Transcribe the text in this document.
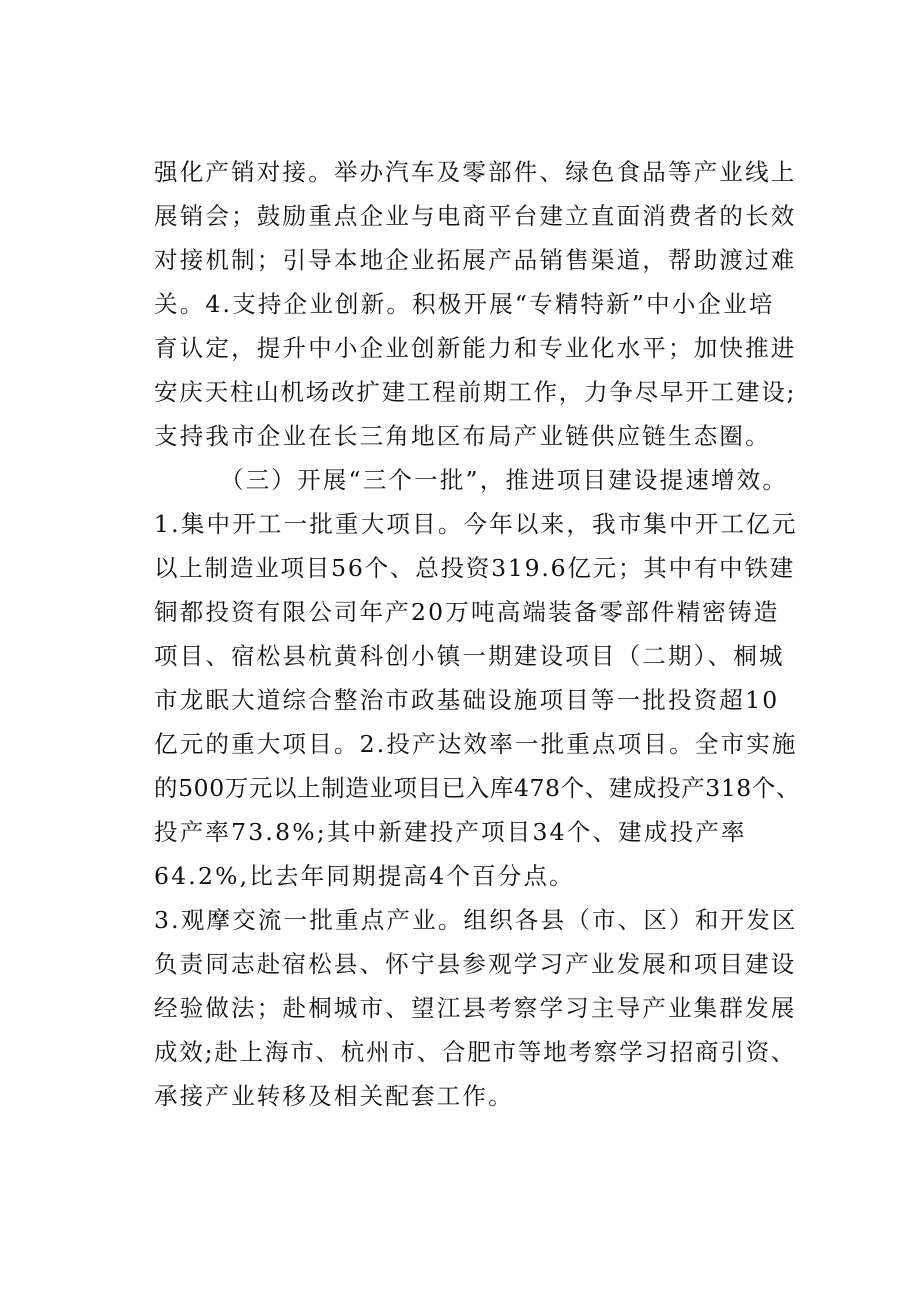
强化产销对接。举办汽车及零部件、绿色食品等产业线上
展销会；鼓励重点企业与电商平台建立直面消费者的长效
对接机制；引导本地企业拓展产品销售渠道，帮助渡过难
关。4.支持企业创新。积极开展“专精特新”中小企业培
育认定，提升中小企业创新能力和专业化水平；加快推进
安庆天柱山机场改扩建工程前期工作，力争尽早开工建设;
支持我市企业在长三角地区布局产业链供应链生态圈。
（三）开展“三个一批”，推进项目建设提速增效。
1.集中开工一批重大项目。今年以来，我市集中开工亿元
以上制造业项目56个、总投资319.6亿元；其中有中铁建
铜都投资有限公司年产20万吨高端装备零部件精密铸造
项目、宿松县杭黄科创小镇一期建设项目（二期）、桐城
市龙眠大道综合整治市政基础设施项目等一批投资超10
亿元的重大项目。2.投产达效率一批重点项目。全市实施
的500万元以上制造业项目已入库478个、建成投产318个、
投产率73.8%;其中新建投产项目34个、建成投产率
64.2%,比去年同期提高4个百分点。
3.观摩交流一批重点产业。组织各县（市、区）和开发区
负责同志赴宿松县、怀宁县参观学习产业发展和项目建设
经验做法；赴桐城市、望江县考察学习主导产业集群发展
成效;赴上海市、杭州市、合肥市等地考察学习招商引资、
承接产业转移及相关配套工作。
